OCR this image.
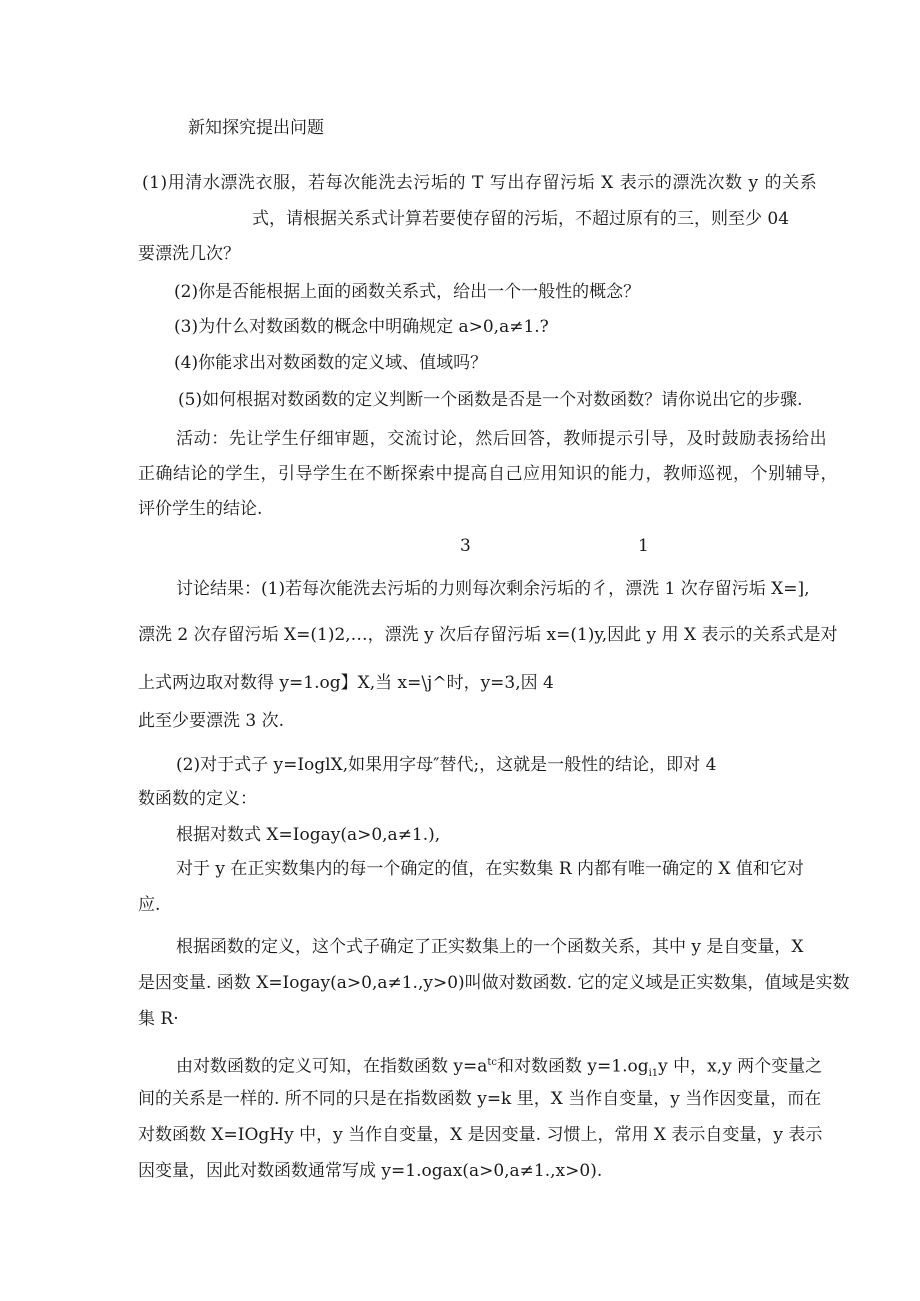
新知探究提出问题

(1)用清水漂洗衣服，若每次能洗去污垢的 T 写出存留污垢 X 表示的漂洗次数 y 的关系

式，请根据关系式计算若要使存留的污垢，不超过原有的三，则至少 04

要漂洗几次？

(2)你是否能根据上面的函数关系式，给出一个一般性的概念？

(3)为什么对数函数的概念中明确规定 a>0,a≠1.?

(4)你能求出对数函数的定义域、值域吗？

(5)如何根据对数函数的定义判断一个函数是否是一个对数函数？请你说出它的步骤.

活动：先让学生仔细审题，交流讨论，然后回答，教师提示引导，及时鼓励表扬给出

正确结论的学生，引导学生在不断探索中提高自己应用知识的能力，教师巡视，个别辅导，

评价学生的结论.

3	1

讨论结果：(1)若每次能洗去污垢的力则每次剩余污垢的彳，漂洗 1 次存留污垢 X=],

漂洗 2 次存留污垢 X=(1)2,…，漂洗 y 次后存留污垢 x=(1)y,因此 y 用 X 表示的关系式是对

上式两边取对数得 y=1.og】X,当 x=\j^时，y=3,因 4

此至少要漂洗 3 次.

(2)对于式子 y=IoglX,如果用字母″替代;，这就是一般性的结论，即对 4

数函数的定义：

根据对数式 X=Iogay(a>0,a≠1.),

对于 y 在正实数集内的每一个确定的值，在实数集 R 内都有唯一确定的 X 值和它对

应.

根据函数的定义，这个式子确定了正实数集上的一个函数关系，其中 y 是自变量，X

是因变量. 函数 X=Iogay(a>0,a≠1.,y>0)叫做对数函数. 它的定义域是正实数集，值域是实数

集 R·

由对数函数的定义可知，在指数函数 $y=a^{tc}$和对数函数 $y=1.og_{i1}y$ 中，x,y 两个变量之

间的关系是一样的. 所不同的只是在指数函数 y=k 里，X 当作自变量，y 当作因变量，而在

对数函数 X=IOgHy 中，y 当作自变量，X 是因变量. 习惯上，常用 X 表示自变量，y 表示

因变量，因此对数函数通常写成 y=1.ogax(a>0,a≠1.,x>0).
